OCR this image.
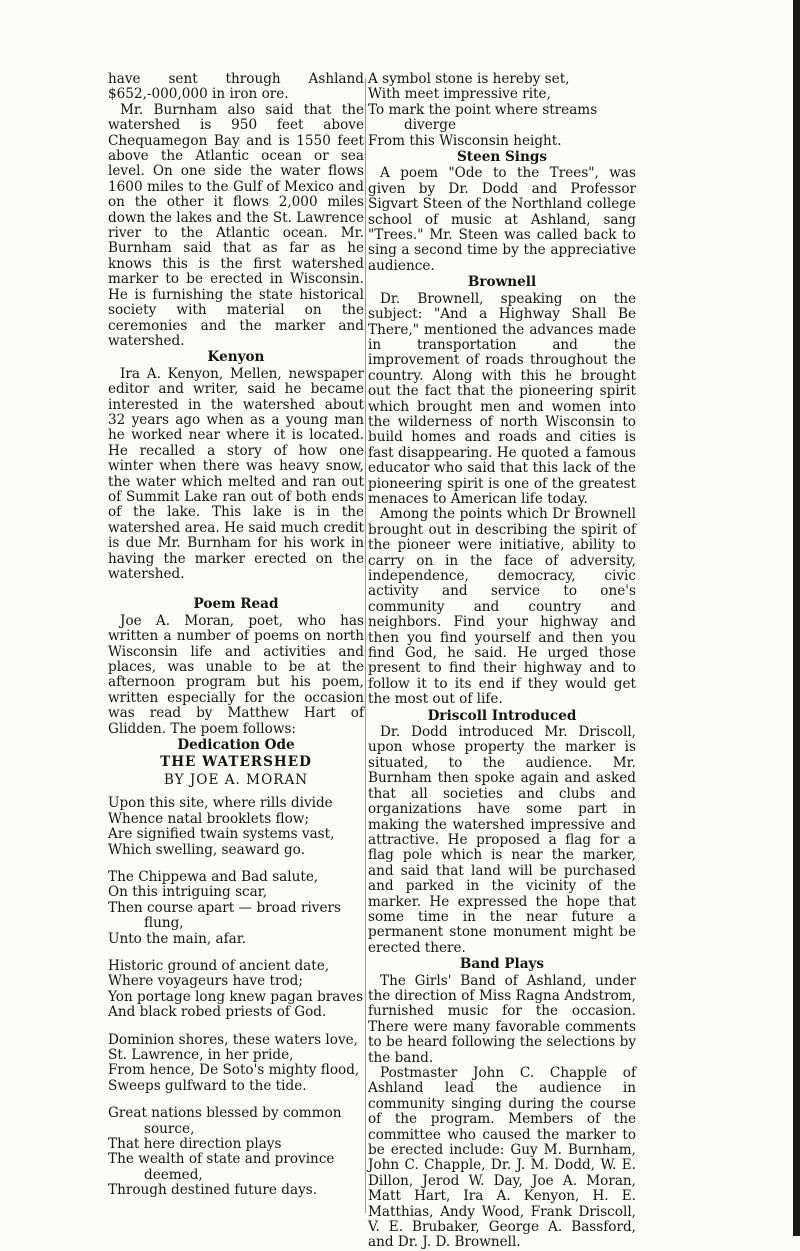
have sent through Ashland $652,-000,000 in iron ore.

Mr. Burnham also said that the watershed is 950 feet above Chequamegon Bay and is 1550 feet above the Atlantic ocean or sea level. On one side the water flows 1600 miles to the Gulf of Mexico and on the other it flows 2,000 miles down the lakes and the St. Lawrence river to the Atlantic ocean. Mr. Burnham said that as far as he knows this is the first watershed marker to be erected in Wisconsin. He is furnishing the state historical society with material on the ceremonies and the marker and watershed.

Kenyon

Ira A. Kenyon, Mellen, newspaper editor and writer, said he became interested in the watershed about 32 years ago when as a young man he worked near where it is located. He recalled a story of how one winter when there was heavy snow, the water which melted and ran out of Summit Lake ran out of both ends of the lake. This lake is in the watershed area. He said much credit is due Mr. Burnham for his work in having the marker erected on the watershed.

Poem Read

Joe A. Moran, poet, who has written a number of poems on north Wisconsin life and activities and places, was unable to be at the afternoon program but his poem, written especially for the occasion was read by Matthew Hart of Glidden. The poem follows:

Dedication Ode
THE WATERSHED
BY JOE A. MORAN
Upon this site, where rills divide
Whence natal brooklets flow;
Are signified twain systems vast,
Which swelling, seaward go.
The Chippewa and Bad salute,
On this intriguing scar,
Then course apart — broad rivers
flung,
Unto the main, afar.
Historic ground of ancient date,
Where voyageurs have trod;
Yon portage long knew pagan braves
And black robed priests of God.
Dominion shores, these waters love,
St. Lawrence, in her pride,
From hence, De Soto's mighty flood,
Sweeps gulfward to the tide.
Great nations blessed by common
source,
That here direction plays
The wealth of state and province
deemed,
Through destined future days.
A symbol stone is hereby set,
With meet impressive rite,
To mark the point where streams
diverge
From this Wisconsin height.
Steen Sings

A poem "Ode to the Trees", was given by Dr. Dodd and Professor Sigvart Steen of the Northland college school of music at Ashland, sang "Trees." Mr. Steen was called back to sing a second time by the appreciative audience.

Brownell

Dr. Brownell, speaking on the subject: "And a Highway Shall Be There," mentioned the advances made in transportation and the improvement of roads throughout the country. Along with this he brought out the fact that the pioneering spirit which brought men and women into the wilderness of north Wisconsin to build homes and roads and cities is fast disappearing. He quoted a famous educator who said that this lack of the pioneering spirit is one of the greatest menaces to American life today.

Among the points which Dr Brownell brought out in describing the spirit of the pioneer were initiative, ability to carry on in the face of adversity, independence, democracy, civic activity and service to one's community and country and neighbors. Find your highway and then you find yourself and then you find God, he said. He urged those present to find their highway and to follow it to its end if they would get the most out of life.

Driscoll Introduced

Dr. Dodd introduced Mr. Driscoll, upon whose property the marker is situated, to the audience. Mr. Burnham then spoke again and asked that all societies and clubs and organizations have some part in making the watershed impressive and attractive. He proposed a flag for a flag pole which is near the marker, and said that land will be purchased and parked in the vicinity of the marker. He expressed the hope that some time in the near future a permanent stone monument might be erected there.

Band Plays

The Girls' Band of Ashland, under the direction of Miss Ragna Andstrom, furnished music for the occasion. There were many favorable comments to be heard following the selections by the band.

Postmaster John C. Chapple of Ashland lead the audience in community singing during the course of the program. Members of the committee who caused the marker to be erected include: Guy M. Burnham, John C. Chapple, Dr. J. M. Dodd, W. E. Dillon, Jerod W. Day, Joe A. Moran, Matt Hart, Ira A. Kenyon, H. E. Matthias, Andy Wood, Frank Driscoll, V. E. Brubaker, George A. Bassford, and Dr. J. D. Brownell.
